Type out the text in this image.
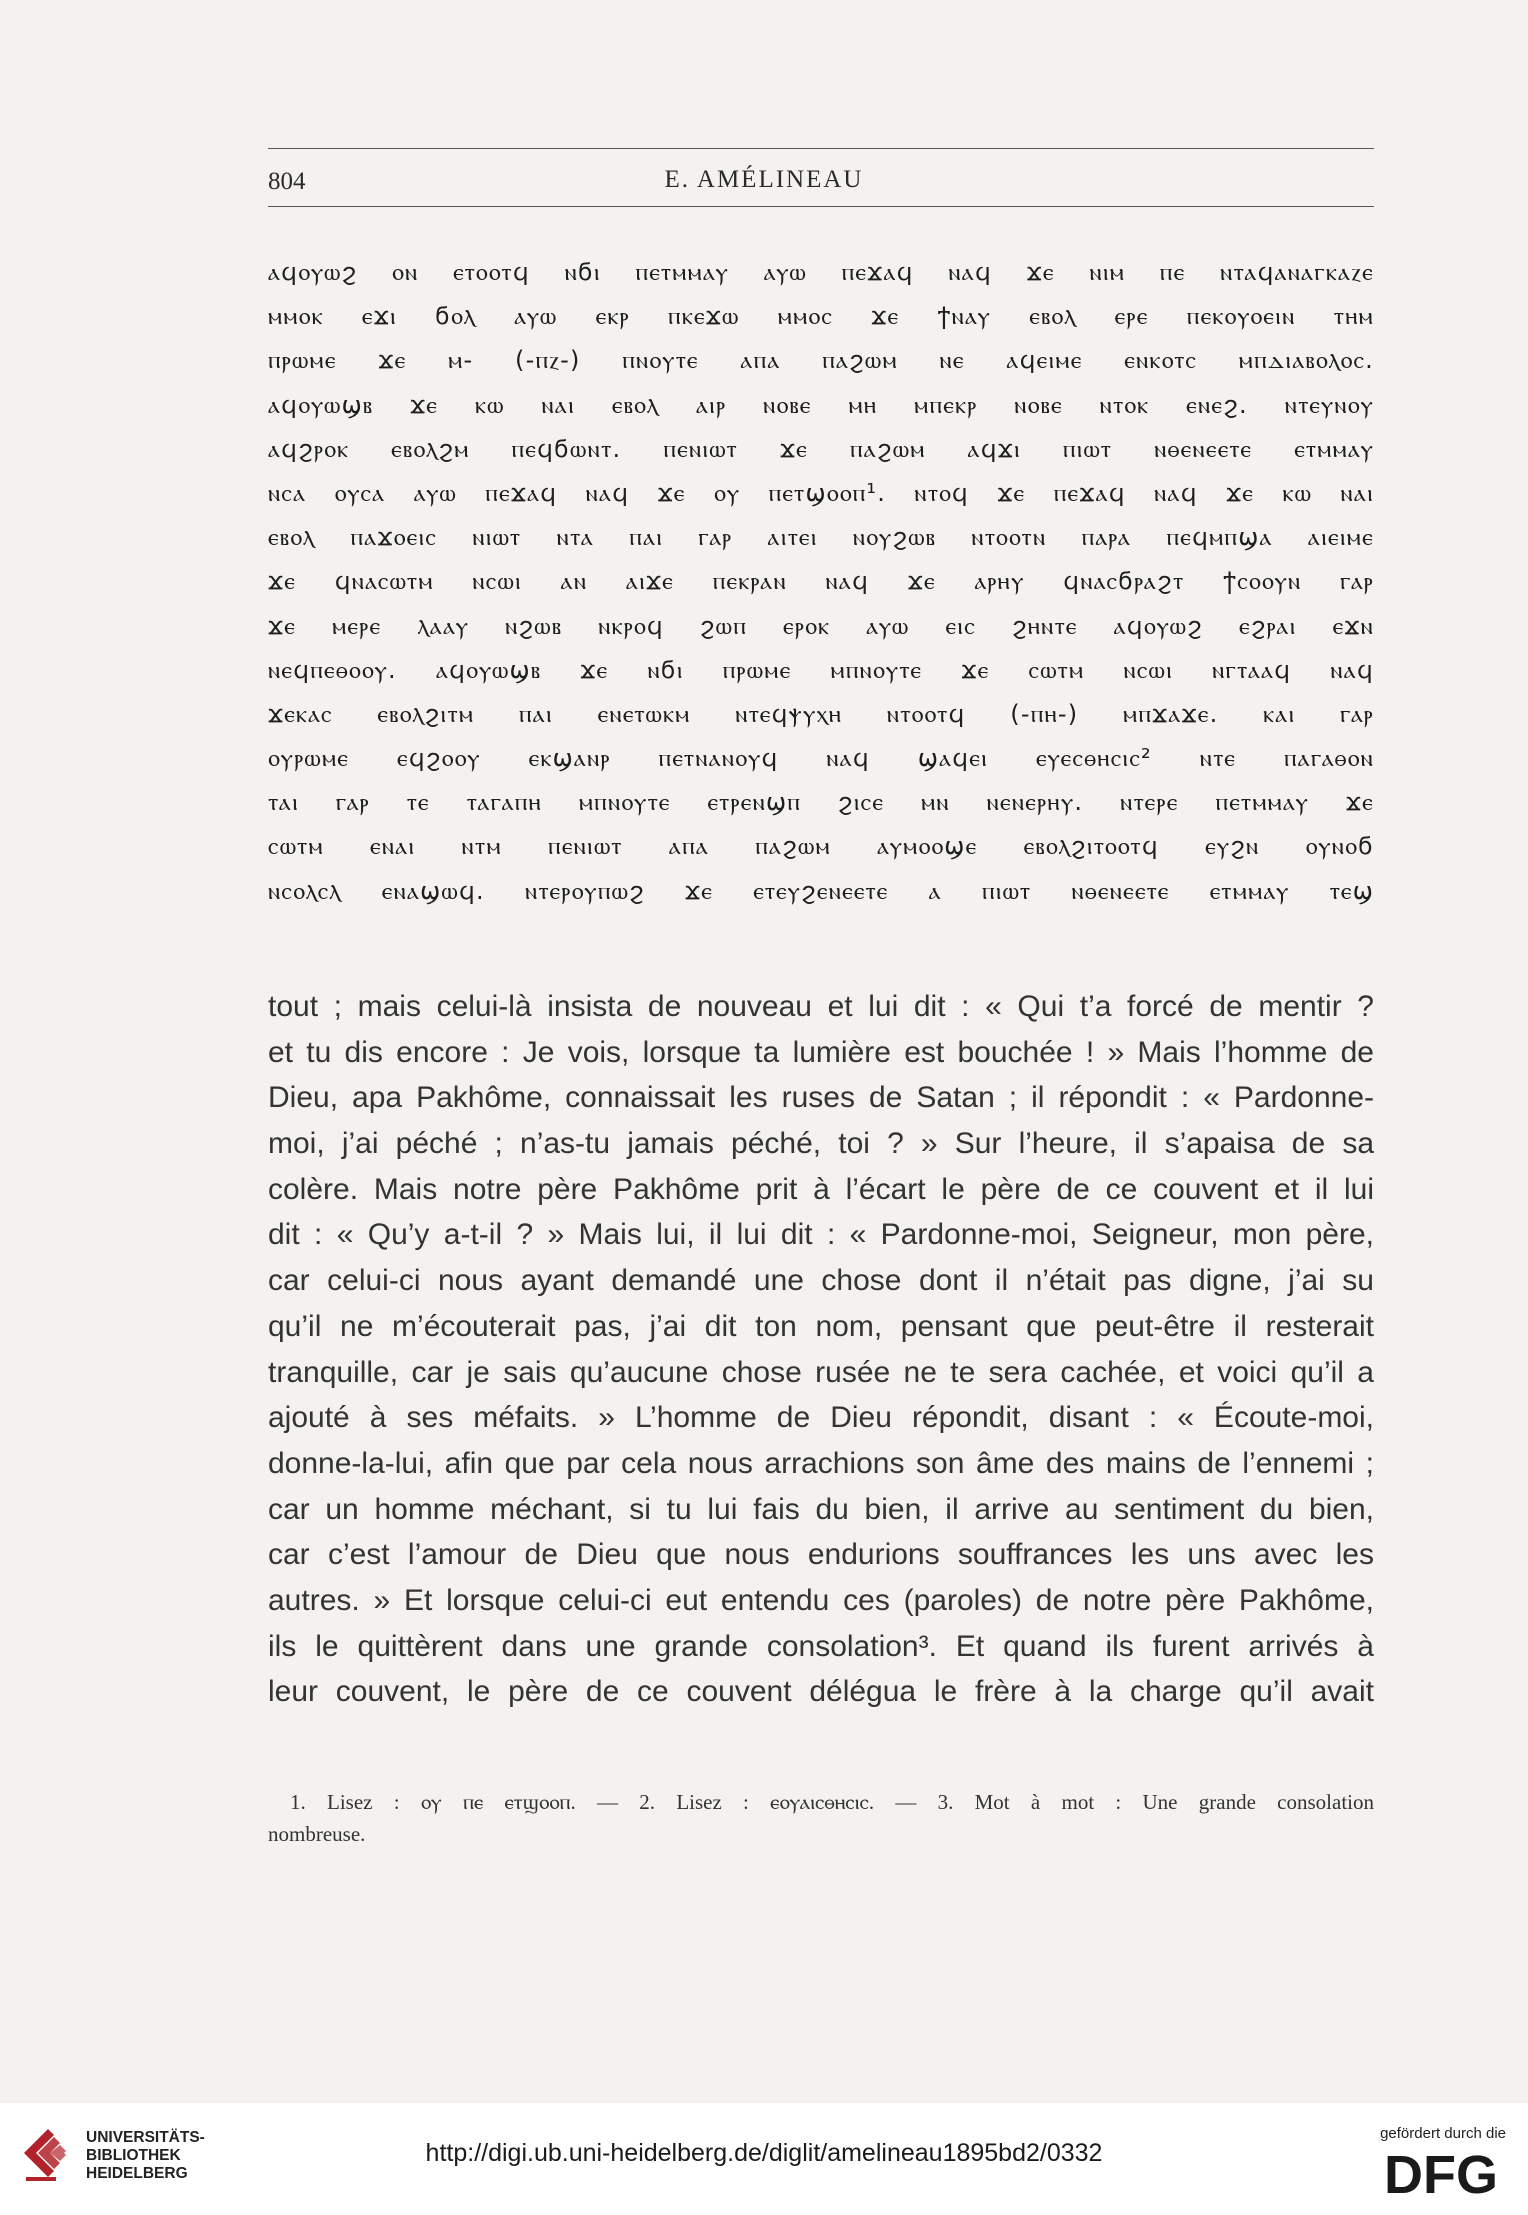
804	E. AMÉLINEAU
ⲁϥⲟⲩⲱϩ ⲟⲛ ⲉⲧⲟⲟⲧϥ ⲛϭⲓ ⲡⲉⲧⲙⲙⲁⲩ ⲁⲩⲱ ⲡⲉϫⲁϥ ⲛⲁϥ ϫⲉ ⲛⲓⲙ ⲡⲉ ⲛⲧⲁϥⲁⲛⲁⲅⲕⲁⲍⲉ
ⲙⲙⲟⲕ ⲉϫⲓ ϭⲟⲗ ⲁⲩⲱ ⲉⲕⲣ ⲡⲕⲉϫⲱ ⲙⲙⲟⲥ ϫⲉ ϯⲛⲁⲩ ⲉⲃⲟⲗ ⲉⲣⲉ ⲡⲉⲕⲟⲩⲟⲉⲓⲛ ⲧⲏⲙ
ⲡⲣⲱⲙⲉ ϫⲉ ⲙ- (-ⲡⲍ-) ⲡⲛⲟⲩⲧⲉ ⲁⲡⲁ ⲡⲁϩⲱⲙ ⲛⲉ ⲁϥⲉⲓⲙⲉ ⲉⲛⲕⲟⲧⲥ ⲙⲡⲇⲓⲁⲃⲟⲗⲟⲥ.
ⲁϥⲟⲩⲱϣⲃ ϫⲉ ⲕⲱ ⲛⲁⲓ ⲉⲃⲟⲗ ⲁⲓⲣ ⲛⲟⲃⲉ ⲙⲏ ⲙⲡⲉⲕⲣ ⲛⲟⲃⲉ ⲛⲧⲟⲕ ⲉⲛⲉϩ. ⲛⲧⲉⲩⲛⲟⲩ
ⲁϥϩⲣⲟⲕ ⲉⲃⲟⲗϩⲙ ⲡⲉϥϭⲱⲛⲧ. ⲡⲉⲛⲓⲱⲧ ϫⲉ ⲡⲁϩⲱⲙ ⲁϥϫⲓ ⲡⲓⲱⲧ ⲛⲑⲉⲛⲉⲉⲧⲉ ⲉⲧⲙⲙⲁⲩ
ⲛⲥⲁ ⲟⲩⲥⲁ ⲁⲩⲱ ⲡⲉϫⲁϥ ⲛⲁϥ ϫⲉ ⲟⲩ ⲡⲉⲧϣⲟⲟⲡ¹. ⲛⲧⲟϥ ϫⲉ ⲡⲉϫⲁϥ ⲛⲁϥ ϫⲉ ⲕⲱ ⲛⲁⲓ
ⲉⲃⲟⲗ ⲡⲁϫⲟⲉⲓⲥ ⲛⲓⲱⲧ ⲛⲧⲁ ⲡⲁⲓ ⲅⲁⲣ ⲁⲓⲧⲉⲓ ⲛⲟⲩϩⲱⲃ ⲛⲧⲟⲟⲧⲛ ⲡⲁⲣⲁ ⲡⲉϥⲙⲡϣⲁ ⲁⲓⲉⲓⲙⲉ
ϫⲉ ϥⲛⲁⲥⲱⲧⲙ ⲛⲥⲱⲓ ⲁⲛ ⲁⲓϫⲉ ⲡⲉⲕⲣⲁⲛ ⲛⲁϥ ϫⲉ ⲁⲣⲏⲩ ϥⲛⲁⲥϭⲣⲁϩⲧ ϯⲥⲟⲟⲩⲛ ⲅⲁⲣ
ϫⲉ ⲙⲉⲣⲉ ⲗⲁⲁⲩ ⲛϩⲱⲃ ⲛⲕⲣⲟϥ ϩⲱⲡ ⲉⲣⲟⲕ ⲁⲩⲱ ⲉⲓⲥ ϩⲏⲛⲧⲉ ⲁϥⲟⲩⲱϩ ⲉϩⲣⲁⲓ ⲉϫⲛ
ⲛⲉϥⲡⲉⲑⲟⲟⲩ. ⲁϥⲟⲩⲱϣⲃ ϫⲉ ⲛϭⲓ ⲡⲣⲱⲙⲉ ⲙⲡⲛⲟⲩⲧⲉ ϫⲉ ⲥⲱⲧⲙ ⲛⲥⲱⲓ ⲛⲅⲧⲁⲁϥ ⲛⲁϥ
ϫⲉⲕⲁⲥ ⲉⲃⲟⲗϩⲓⲧⲙ ⲡⲁⲓ ⲉⲛⲉⲧⲱⲕⲙ ⲛⲧⲉϥⲯⲩⲭⲏ ⲛⲧⲟⲟⲧϥ (-ⲡⲏ-) ⲙⲡϫⲁϫⲉ. ⲕⲁⲓ ⲅⲁⲣ
ⲟⲩⲣⲱⲙⲉ ⲉϥϩⲟⲟⲩ ⲉⲕϣⲁⲛⲣ ⲡⲉⲧⲛⲁⲛⲟⲩϥ ⲛⲁϥ ϣⲁϥⲉⲓ ⲉⲩⲉⲥⲑⲏⲥⲓⲥ² ⲛⲧⲉ ⲡⲁⲅⲁⲑⲟⲛ
ⲧⲁⲓ ⲅⲁⲣ ⲧⲉ ⲧⲁⲅⲁⲡⲏ ⲙⲡⲛⲟⲩⲧⲉ ⲉⲧⲣⲉⲛϣⲡ ϩⲓⲥⲉ ⲙⲛ ⲛⲉⲛⲉⲣⲏⲩ. ⲛⲧⲉⲣⲉ ⲡⲉⲧⲙⲙⲁⲩ ϫⲉ
ⲥⲱⲧⲙ ⲉⲛⲁⲓ ⲛⲧⲙ ⲡⲉⲛⲓⲱⲧ ⲁⲡⲁ ⲡⲁϩⲱⲙ ⲁⲩⲙⲟⲟϣⲉ ⲉⲃⲟⲗϩⲓⲧⲟⲟⲧϥ ⲉⲩϩⲛ ⲟⲩⲛⲟϭ
ⲛⲥⲟⲗⲥⲗ ⲉⲛⲁϣⲱϥ. ⲛⲧⲉⲣⲟⲩⲡⲱϩ ϫⲉ ⲉⲧⲉⲩϩⲉⲛⲉⲉⲧⲉ ⲁ ⲡⲓⲱⲧ ⲛⲑⲉⲛⲉⲉⲧⲉ ⲉⲧⲙⲙⲁⲩ ⲧⲉϣ
tout ; mais celui-là insista de nouveau et lui dit : « Qui t’a forcé de mentir ?
et tu dis encore : Je vois, lorsque ta lumière est bouchée ! » Mais l’homme de
Dieu, apa Pakhôme, connaissait les ruses de Satan ; il répondit : « Pardonne-
moi, j’ai péché ; n’as-tu jamais péché, toi ? » Sur l’heure, il s’apaisa de sa
colère. Mais notre père Pakhôme prit à l’écart le père de ce couvent et il lui
dit : « Qu’y a-t-il ? » Mais lui, il lui dit : « Pardonne-moi, Seigneur, mon père,
car celui-ci nous ayant demandé une chose dont il n’était pas digne, j’ai su
qu’il ne m’écouterait pas, j’ai dit ton nom, pensant que peut-être il resterait
tranquille, car je sais qu’aucune chose rusée ne te sera cachée, et voici qu’il a
ajouté à ses méfaits. » L’homme de Dieu répondit, disant : « Écoute-moi,
donne-la-lui, afin que par cela nous arrachions son âme des mains de l’ennemi ;
car un homme méchant, si tu lui fais du bien, il arrive au sentiment du bien,
car c’est l’amour de Dieu que nous endurions souffrances les uns avec les
autres. » Et lorsque celui-ci eut entendu ces (paroles) de notre père Pakhôme,
ils le quittèrent dans une grande consolation³. Et quand ils furent arrivés à
leur couvent, le père de ce couvent délégua le frère à la charge qu’il avait
1. Lisez : ⲟⲩ ⲡⲉ ⲉⲧϣⲟⲟⲡ. — 2. Lisez : ⲉⲟⲩⲁⲓⲥⲑⲏⲥⲓⲥ. — 3. Mot à mot : Une grande consolation
nombreuse.
UNIVERSITÄTS-
BIBLIOTHEK
HEIDELBERG
http://digi.ub.uni-heidelberg.de/diglit/amelineau1895bd2/0332
gefördert durch die
DFG
